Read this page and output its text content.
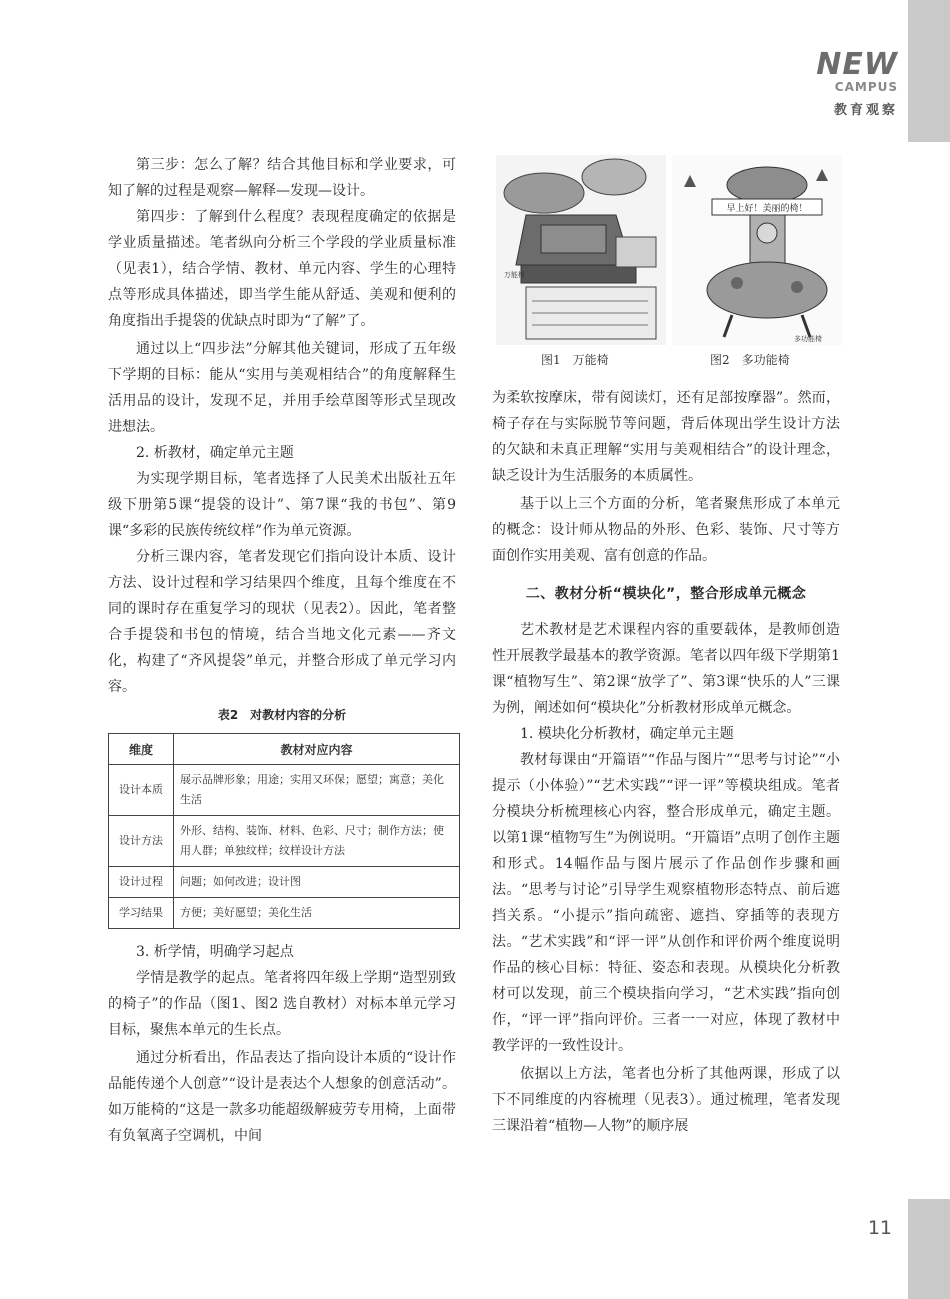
NEW
CAMPUS
教育观察

第三步：怎么了解？结合其他目标和学业要求，可知了解的过程是观察—解释—发现—设计。

第四步：了解到什么程度？表现程度确定的依据是学业质量描述。笔者纵向分析三个学段的学业质量标准（见表1），结合学情、教材、单元内容、学生的心理特点等形成具体描述，即当学生能从舒适、美观和便利的角度指出手提袋的优缺点时即为“了解”了。

通过以上“四步法”分解其他关键词，形成了五年级下学期的目标：能从“实用与美观相结合”的角度解释生活用品的设计，发现不足，并用手绘草图等形式呈现改进想法。

2. 析教材，确定单元主题

为实现学期目标，笔者选择了人民美术出版社五年级下册第5课“提袋的设计”、第7课“我的书包”、第9课“多彩的民族传统纹样”作为单元资源。

分析三课内容，笔者发现它们指向设计本质、设计方法、设计过程和学习结果四个维度，且每个维度在不同的课时存在重复学习的现状（见表2）。因此，笔者整合手提袋和书包的情境，结合当地文化元素——齐文化，构建了“齐风提袋”单元，并整合形成了单元学习内容。

表2　对教材内容的分析
维度	教材对应内容
设计本质	展示品牌形象；用途；实用又环保；愿望；寓意；美化生活
设计方法	外形、结构、装饰、材料、色彩、尺寸；制作方法；使用人群；单独纹样；纹样设计方法
设计过程	问题；如何改进；设计图
学习结果	方便；美好愿望；美化生活

3. 析学情，明确学习起点

学情是教学的起点。笔者将四年级上学期“造型别致的椅子”的作品（图1、图2 选自教材）对标本单元学习目标，聚焦本单元的生长点。

通过分析看出，作品表达了指向设计本质的“设计作品能传递个人创意”“设计是表达个人想象的创意活动”。如万能椅的“这是一款多功能超级解疲劳专用椅，上面带有负氧离子空调机，中间

万能椅
早上好！美丽的椅！
多功能椅
图1　万能椅	图2　多功能椅

为柔软按摩床，带有阅读灯，还有足部按摩器”。然而，椅子存在与实际脱节等问题，背后体现出学生设计方法的欠缺和未真正理解“实用与美观相结合”的设计理念，缺乏设计为生活服务的本质属性。

基于以上三个方面的分析，笔者聚焦形成了本单元的概念：设计师从物品的外形、色彩、装饰、尺寸等方面创作实用美观、富有创意的作品。

二、教材分析“模块化”，整合形成单元概念

艺术教材是艺术课程内容的重要载体，是教师创造性开展教学最基本的教学资源。笔者以四年级下学期第1课“植物写生”、第2课“放学了”、第3课“快乐的人”三课为例，阐述如何“模块化”分析教材形成单元概念。

1. 模块化分析教材，确定单元主题

教材每课由“开篇语”“作品与图片”“思考与讨论”“小提示（小体验）”“艺术实践”“评一评”等模块组成。笔者分模块分析梳理核心内容，整合形成单元，确定主题。以第1课“植物写生”为例说明。“开篇语”点明了创作主题和形式。14幅作品与图片展示了作品创作步骤和画法。“思考与讨论”引导学生观察植物形态特点、前后遮挡关系。“小提示”指向疏密、遮挡、穿插等的表现方法。“艺术实践”和“评一评”从创作和评价两个维度说明作品的核心目标：特征、姿态和表现。从模块化分析教材可以发现，前三个模块指向学习，“艺术实践”指向创作，“评一评”指向评价。三者一一对应，体现了教材中教学评的一致性设计。

依据以上方法，笔者也分析了其他两课，形成了以下不同维度的内容梳理（见表3）。通过梳理，笔者发现三课沿着“植物—人物”的顺序展

11
